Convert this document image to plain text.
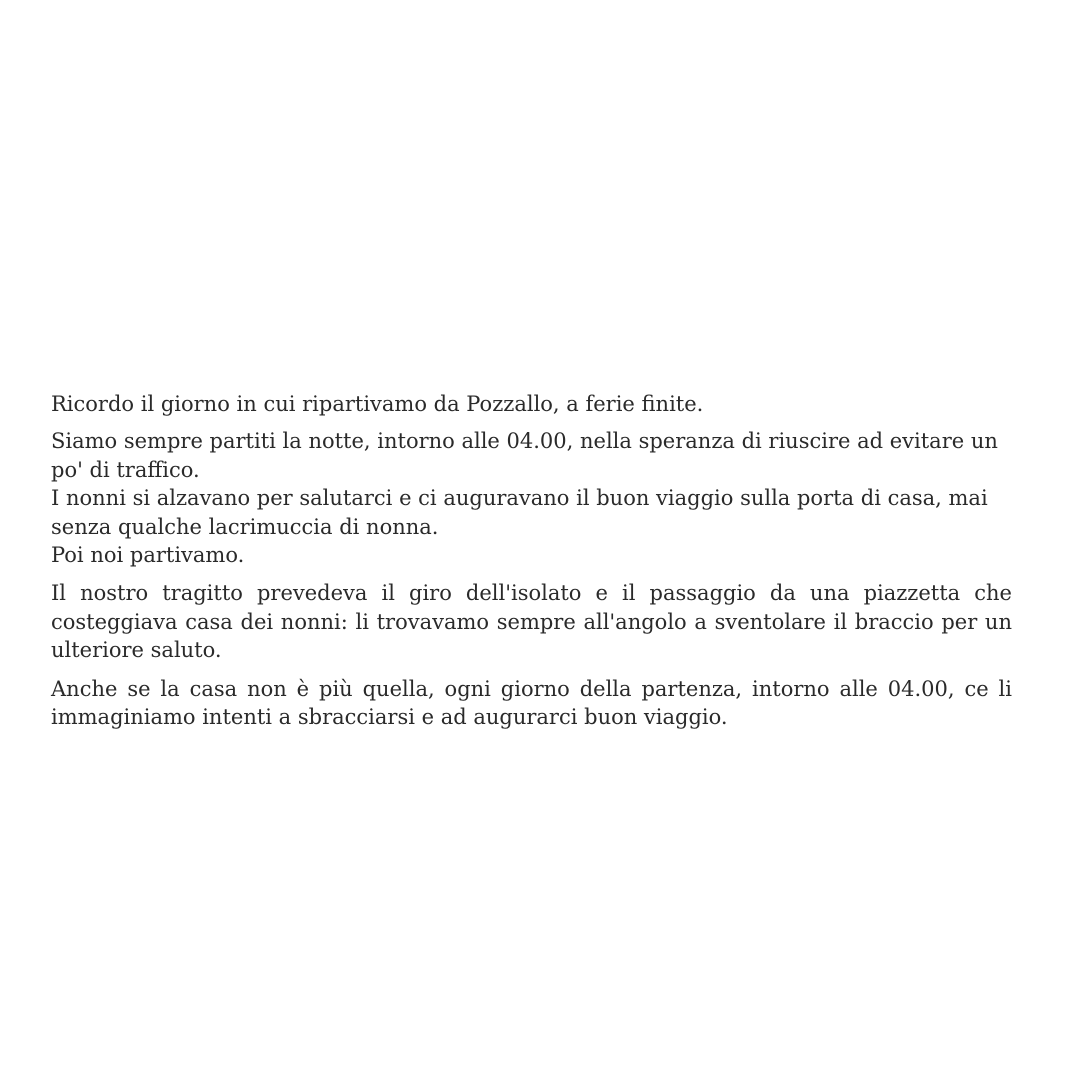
Ricordo il giorno in cui ripartivamo da Pozzallo, a ferie finite.

Siamo sempre partiti la notte, intorno alle 04.00, nella speranza di riuscire ad evitare un po' di traffico.

I nonni si alzavano per salutarci e ci auguravano il buon viaggio sulla porta di casa, mai senza qualche lacrimuccia di nonna.

Poi noi partivamo.

Il nostro tragitto prevedeva il giro dell'isolato e il passaggio da una piazzetta che costeggiava casa dei nonni: li trovavamo sempre all'angolo a sventolare il braccio per un ulteriore saluto.

Anche se la casa non è più quella, ogni giorno della partenza, intorno alle 04.00, ce li immaginiamo intenti a sbracciarsi e ad augurarci buon viaggio.
